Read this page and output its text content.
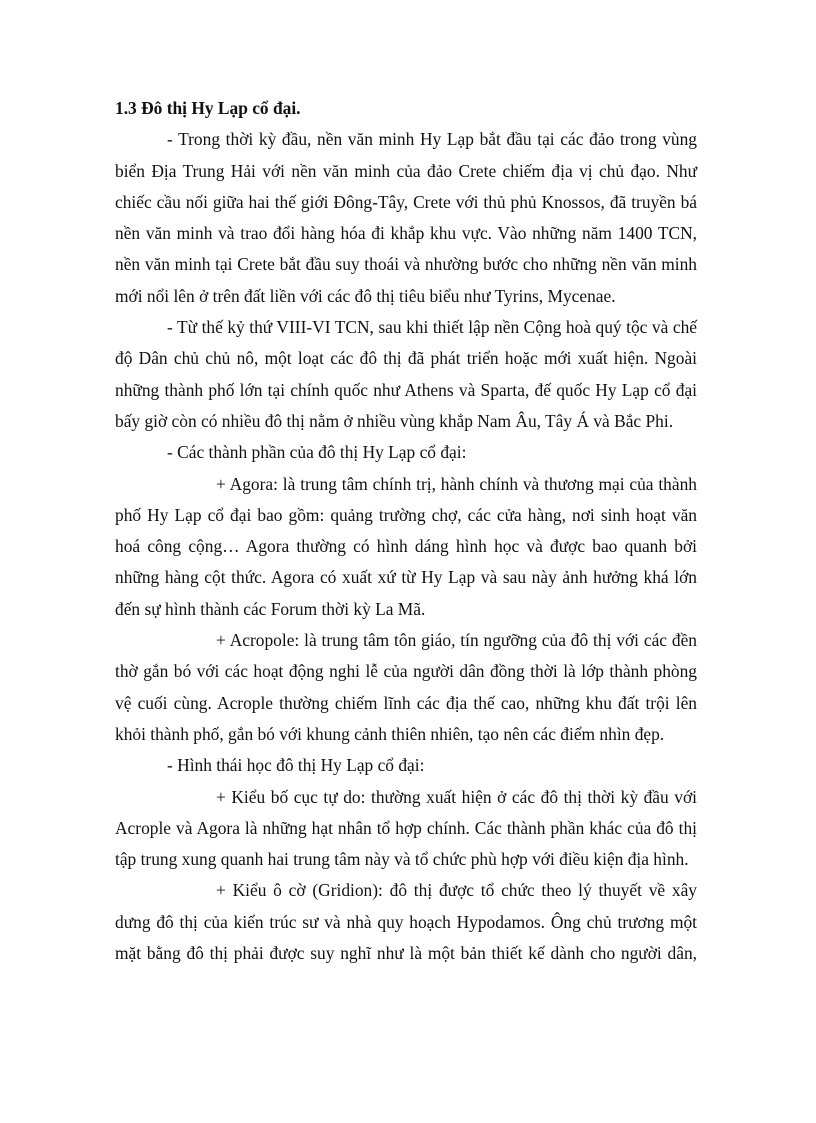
1.3 Đô thị Hy Lạp cổ đại.
- Trong thời kỳ đầu, nền văn minh Hy Lạp bắt đầu tại các đảo trong vùng
biển Địa Trung Hải với nền văn minh của đảo Crete chiếm địa vị chủ đạo. Như
chiếc cầu nối giữa hai thế giới Đông-Tây, Crete với thủ phủ Knossos, đã truyền bá
nền văn minh và trao đổi hàng hóa đi khắp khu vực. Vào những năm 1400 TCN,
nền văn minh tại Crete bắt đầu suy thoái và nhường bước cho những nền văn minh
mới nổi lên ở trên đất liền với các đô thị tiêu biểu như Tyrins, Mycenae.
- Từ thế kỷ thứ VIII-VI TCN, sau khi thiết lập nền Cộng hoà quý tộc và chế
độ Dân chủ chủ nô, một loạt các đô thị đã phát triển hoặc mới xuất hiện. Ngoài
những thành phố lớn tại chính quốc như Athens và Sparta, đế quốc Hy Lạp cổ đại
bấy giờ còn có nhiều đô thị nằm ở nhiều vùng khắp Nam Âu, Tây Á và Bắc Phi.
- Các thành phần của đô thị Hy Lạp cổ đại:
+ Agora: là trung tâm chính trị, hành chính và thương mại của thành
phố Hy Lạp cổ đại bao gồm: quảng trường chợ, các cửa hàng, nơi sinh hoạt văn
hoá công cộng… Agora thường có hình dáng hình học và được bao quanh bởi
những hàng cột thức. Agora có xuất xứ từ Hy Lạp và sau này ảnh hưởng khá lớn
đến sự hình thành các Forum thời kỳ La Mã.
+ Acropole: là trung tâm tôn giáo, tín ngưỡng của đô thị với các đền
thờ gắn bó với các hoạt động nghi lễ của người dân đồng thời là lớp thành phòng
vệ cuối cùng. Acrople thường chiếm lĩnh các địa thế cao, những khu đất trội lên
khỏi thành phố, gắn bó với khung cảnh thiên nhiên, tạo nên các điểm nhìn đẹp.
- Hình thái học đô thị Hy Lạp cổ đại:
+ Kiểu bố cục tự do: thường xuất hiện ở các đô thị thời kỳ đầu với
Acrople và Agora là những hạt nhân tổ hợp chính. Các thành phần khác của đô thị
tập trung xung quanh hai trung tâm này và tổ chức phù hợp với điều kiện địa hình.
+ Kiểu ô cờ (Gridion): đô thị được tổ chức theo lý thuyết về xây
dưng đô thị của kiến trúc sư và nhà quy hoạch Hypodamos. Ông chủ trương một
mặt bằng đô thị phải được suy nghĩ như là một bản thiết kế dành cho người dân,
